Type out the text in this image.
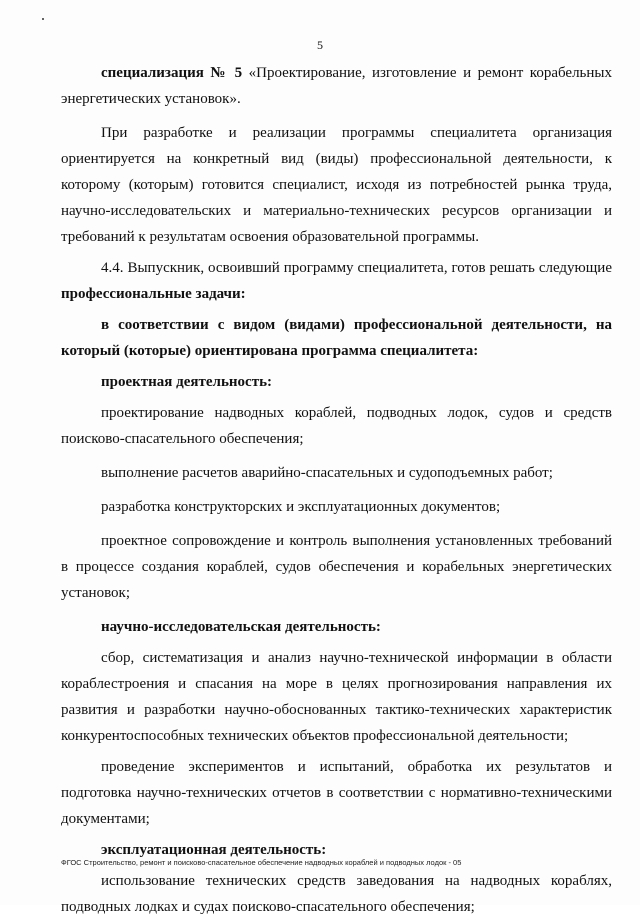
5

специализация № 5 «Проектирование, изготовление и ремонт корабельных энергетических установок».

При разработке и реализации программы специалитета организация ориентируется на конкретный вид (виды) профессиональной деятельности, к которому (которым) готовится специалист, исходя из потребностей рынка труда, научно-исследовательских и материально-технических ресурсов организации и требований к результатам освоения образовательной программы.

4.4. Выпускник, освоивший программу специалитета, готов решать следующие профессиональные задачи:

в соответствии с видом (видами) профессиональной деятельности, на который (которые) ориентирована программа специалитета:

проектная деятельность:

проектирование надводных кораблей, подводных лодок, судов и средств поисково-спасательного обеспечения;

выполнение расчетов аварийно-спасательных и судоподъемных работ;

разработка конструкторских и эксплуатационных документов;

проектное сопровождение и контроль выполнения установленных требований в процессе создания кораблей, судов обеспечения и корабельных энергетических установок;

научно-исследовательская деятельность:

сбор, систематизация и анализ научно-технической информации в области кораблестроения и спасания на море в целях прогнозирования направления их развития и разработки научно-обоснованных тактико-технических характеристик конкурентоспособных технических объектов профессиональной деятельности;

проведение экспериментов и испытаний, обработка их результатов и подготовка научно-технических отчетов в соответствии с нормативно-техническими документами;

эксплуатационная деятельность:

использование технических средств заведования на надводных кораблях, подводных лодках и судах поисково-спасательного обеспечения;

ФГОС Строительство, ремонт и поисково-спасательное обеспечение надводных кораблей и подводных лодок - 05
